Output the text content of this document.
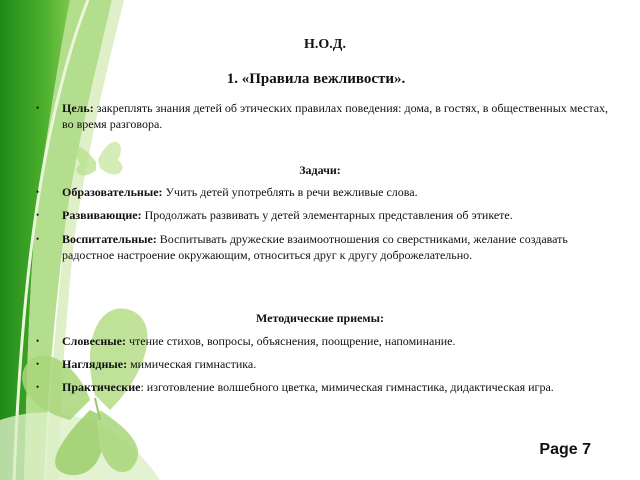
Н.О.Д.
1. «Правила вежливости».
• Цель: закреплять знания детей об этических правилах поведения: дома, в гостях, в общественных местах, во время разговора.
Задачи:
• Образовательные: Учить детей употреблять в речи вежливые слова.
• Развивающие: Продолжать развивать у детей элементарных представления об этикете.
• Воспитательные: Воспитывать дружеские взаимоотношения со сверстниками, желание создавать радостное настроение окружающим, относиться друг к другу доброжелательно.
Методические приемы:
• Словесные: чтение стихов, вопросы, объяснения, поощрение, напоминание.
• Наглядные: мимическая гимнастика.
• Практические: изготовление волшебного цветка, мимическая гимнастика, дидактическая игра.
Page 7
